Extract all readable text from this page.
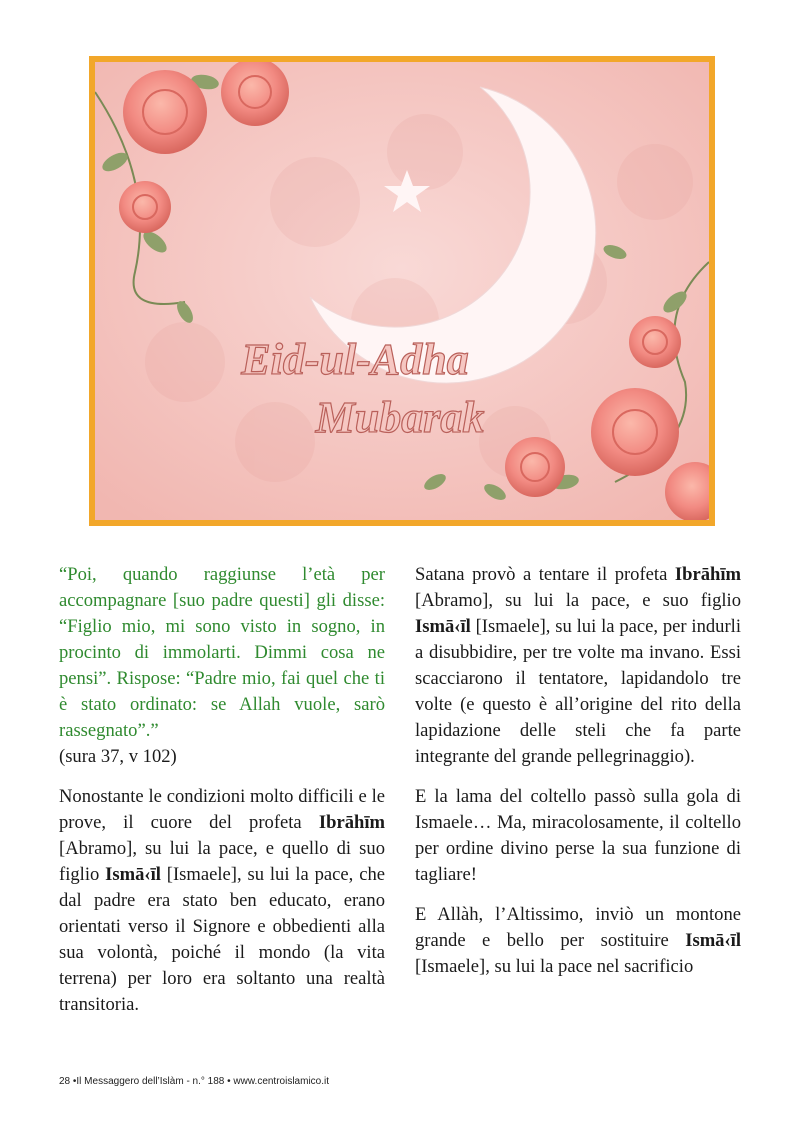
Eid-ul-Adha
Mubarak

“Poi, quando raggiunse l’età per accompagnare [suo padre questi] gli disse: “Figlio mio, mi sono visto in sogno, in procinto di immolarti. Dimmi cosa ne pensi”. Rispose: “Padre mio, fai quel che ti è stato ordinato: se Allah vuole, sarò rassegnato”.”
(sura 37, v 102)

Nonostante le condizioni molto difficili e le prove, il cuore del profeta Ibrāhīm [Abramo], su lui la pace, e quello di suo figlio Ismā‹īl [Ismaele], su lui la pace, che dal padre era stato ben educato, erano orientati verso il Signore e obbedienti alla sua volontà, poiché il mondo (la vita terrena) per loro era soltanto una realtà transitoria.

Satana provò a tentare il profeta Ibrāhīm [Abramo], su lui la pace, e suo figlio Ismā‹īl [Ismaele], su lui la pace, per indurli a disubbidire, per tre volte ma invano. Essi scacciarono il tentatore, lapidandolo tre volte (e questo è all’origine del rito della lapidazione delle steli che fa parte integrante del grande pellegrinaggio).

E la lama del coltello passò sulla gola di Ismaele… Ma, miracolosamente, il coltello per ordine divino perse la sua funzione di tagliare!

E Allàh, l’Altissimo, inviò un montone grande e bello per sostituire Ismā‹īl [Ismaele], su lui la pace nel sacrificio

28 •Il Messaggero dell’Islàm - n.° 188 • www.centroislamico.it
